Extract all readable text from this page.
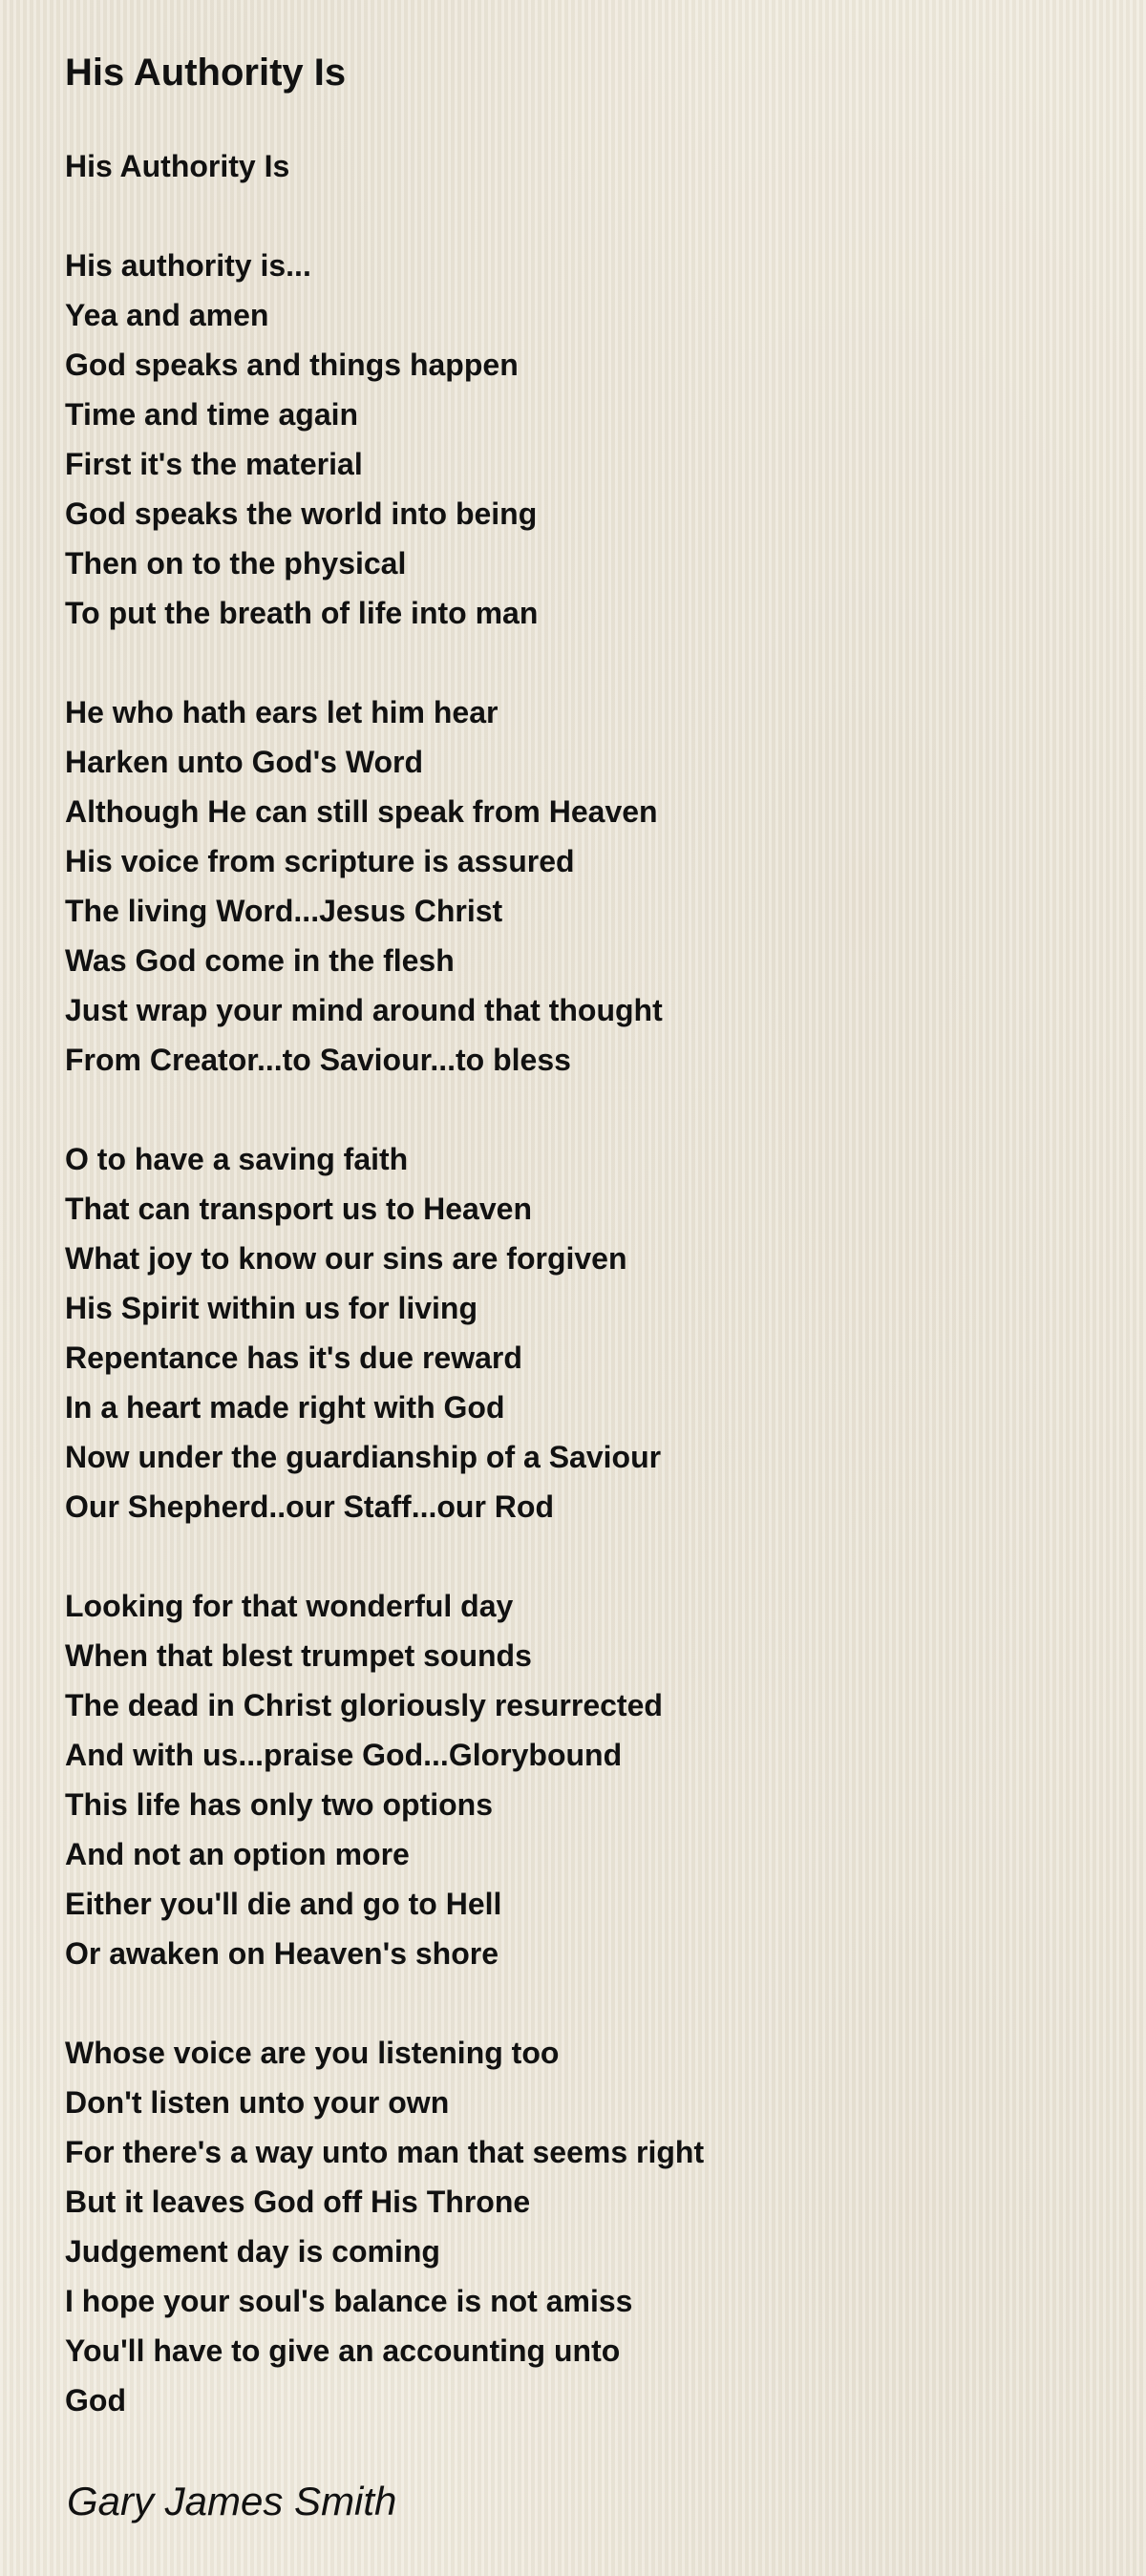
His Authority Is
His Authority Is
His authority is...
Yea and amen
God speaks and things happen
Time and time again
First it's the material
God speaks the world into being
Then on to the physical
To put the breath of life into man
He who hath ears let him hear
Harken unto God's Word
Although He can still speak from Heaven
His voice from scripture is assured
The living Word...Jesus Christ
Was God come in the flesh
Just wrap your mind around that thought
From Creator...to Saviour...to bless
O to have a saving faith
That can transport us to Heaven
What joy to know our sins are forgiven
His Spirit within us for living
Repentance has it's due reward
In a heart made right with God
Now under the guardianship of a Saviour
Our Shepherd..our Staff...our Rod
Looking for that wonderful day
When that blest trumpet sounds
The dead in Christ gloriously resurrected
And with us...praise God...Glorybound
This life has only two options
And not an option more
Either you'll die and go to Hell
Or awaken on Heaven's shore
Whose voice are you listening too
Don't listen unto your own
For there's a way unto man that seems right
But it leaves God off His Throne
Judgement day is coming
I hope your soul's balance is not amiss
You'll have to give an accounting unto
God
Gary James Smith
